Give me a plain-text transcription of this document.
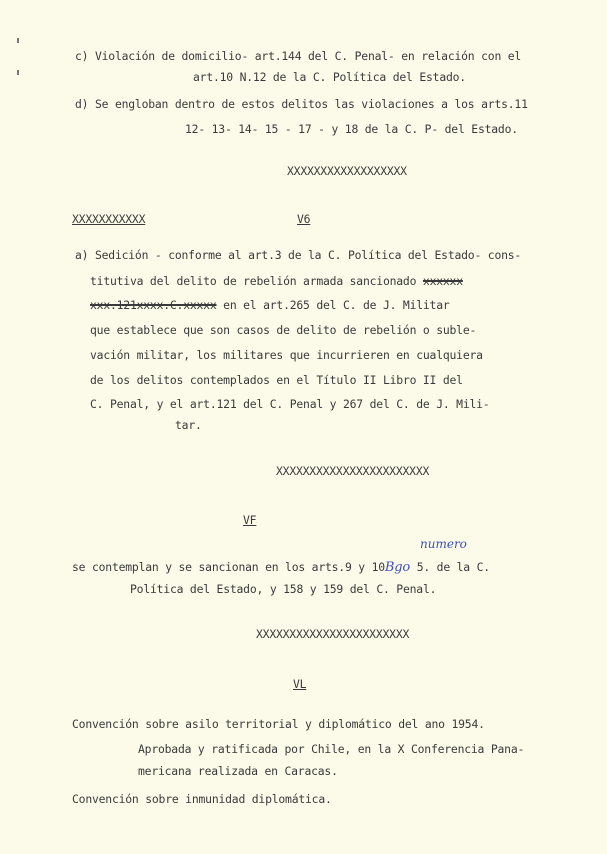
c) Violación de domicilio- art.144 del C. Penal- en relación con el
art.10 N.12 de la C. Política del Estado.
d) Se engloban dentro de estos delitos las violaciones a los arts.11
12- 13- 14- 15 - 17 - y 18 de la C. P- del Estado.
XXXXXXXXXXXXXXXXXX
XXXXXXXXXXX	V6
a) Sedición - conforme al art.3 de la C. Política del Estado- cons-
titutiva del delito de rebelión armada sancionado xxxxxx
xxx.121xxxx.C.xxxxx en el art.265 del C. de J. Militar
que establece que son casos de delito de rebelión o suble-
vación militar, los militares que incurrieren en cualquiera
de los delitos contemplados en el Título II Libro II del
C. Penal, y el art.121 del C. Penal y 267 del C. de J. Mili-
tar.
XXXXXXXXXXXXXXXXXXXXXXX
VF
numero
se contemplan y se sancionan en los arts.9 y 10Bgo 5. de la C.
Política del Estado, y 158 y 159 del C. Penal.
XXXXXXXXXXXXXXXXXXXXXXX
VL
Convención sobre asilo territorial y diplomático del ano 1954.
Aprobada y ratificada por Chile, en la X Conferencia Pana-
mericana realizada en Caracas.
Convención sobre inmunidad diplomática.
